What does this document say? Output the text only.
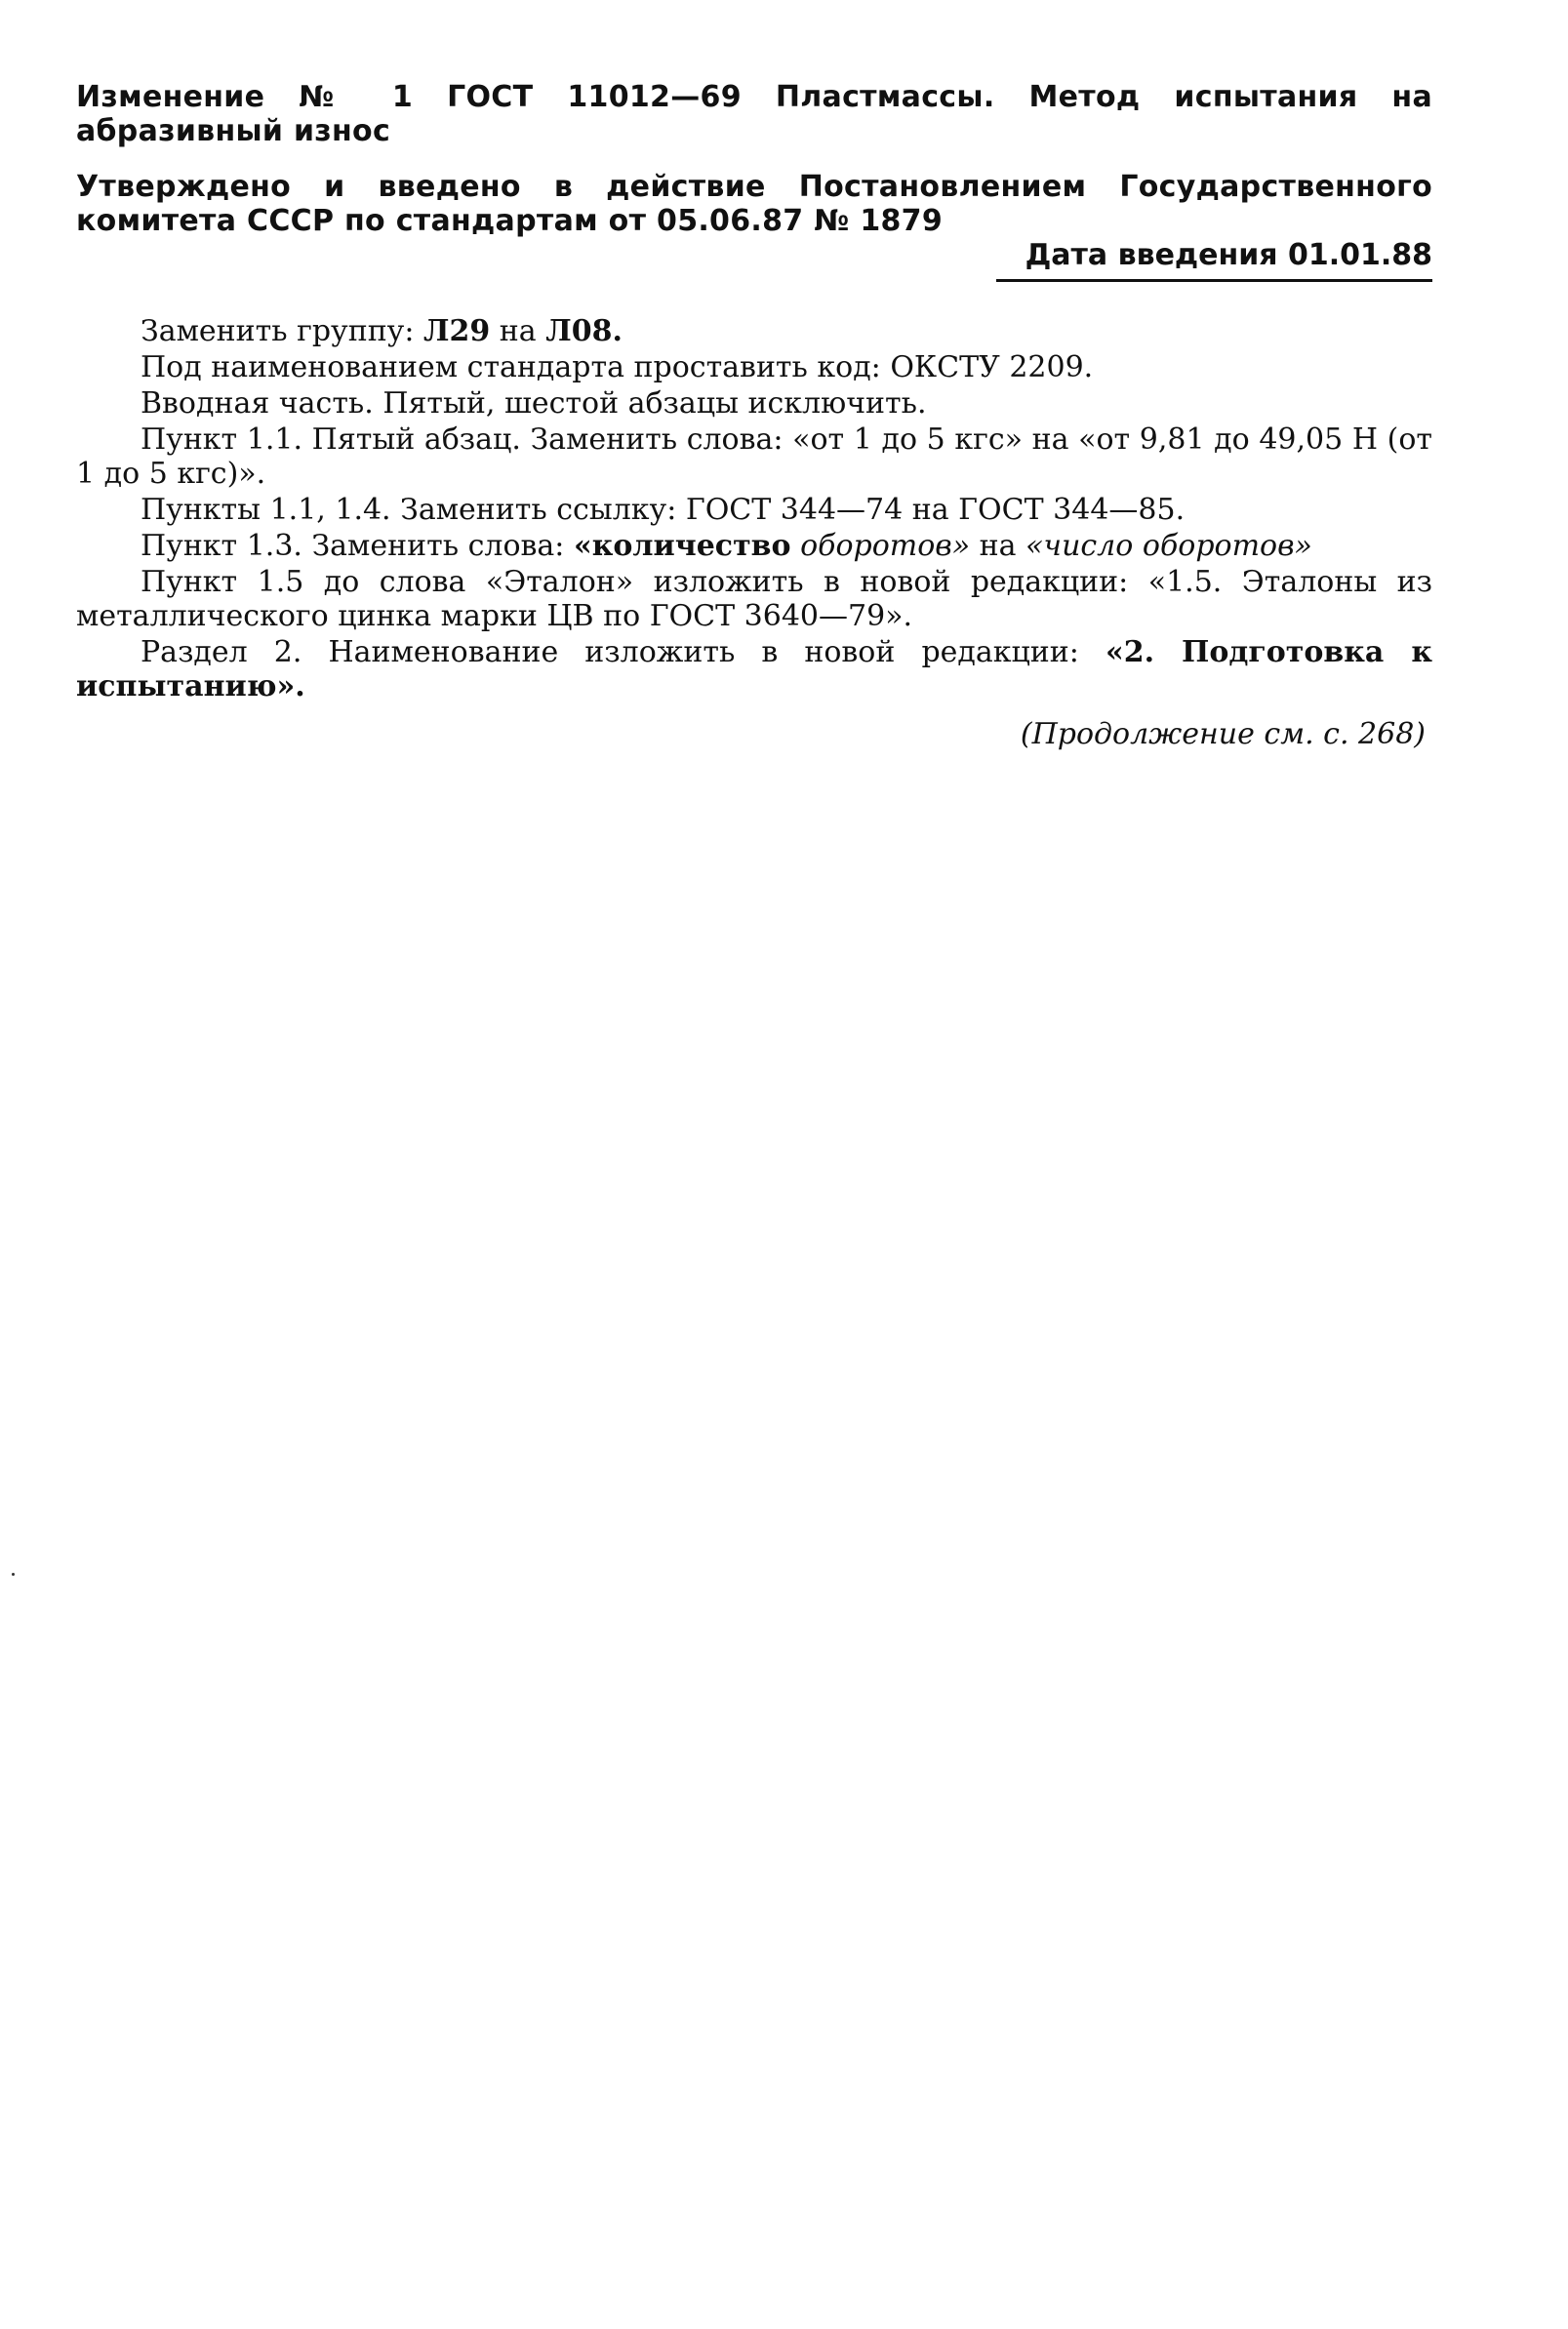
Изменение № 1 ГОСТ 11012—69 Пластмассы. Метод испытания на абразивный износ
Утверждено и введено в действие Постановлением Государственного комитета СССР по стандартам от 05.06.87 № 1879
Дата введения 01.01.88

Заменить группу: Л29 на Л08.

Под наименованием стандарта проставить код: ОКСТУ 2209.

Вводная часть. Пятый, шестой абзацы исключить.

Пункт 1.1. Пятый абзац. Заменить слова: «от 1 до 5 кгс» на «от 9,81 до 49,05 Н (от 1 до 5 кгс)».

Пункты 1.1, 1.4. Заменить ссылку: ГОСТ 344—74 на ГОСТ 344—85.

Пункт 1.3. Заменить слова: «количество оборотов» на «число оборотов»

Пункт 1.5 до слова «Эталон» изложить в новой редакции: «1.5. Эталоны из металлического цинка марки ЦВ по ГОСТ 3640—79».

Раздел 2. Наименование изложить в новой редакции: «2. Подготовка к испытанию».

(Продолжение см. с. 268)
